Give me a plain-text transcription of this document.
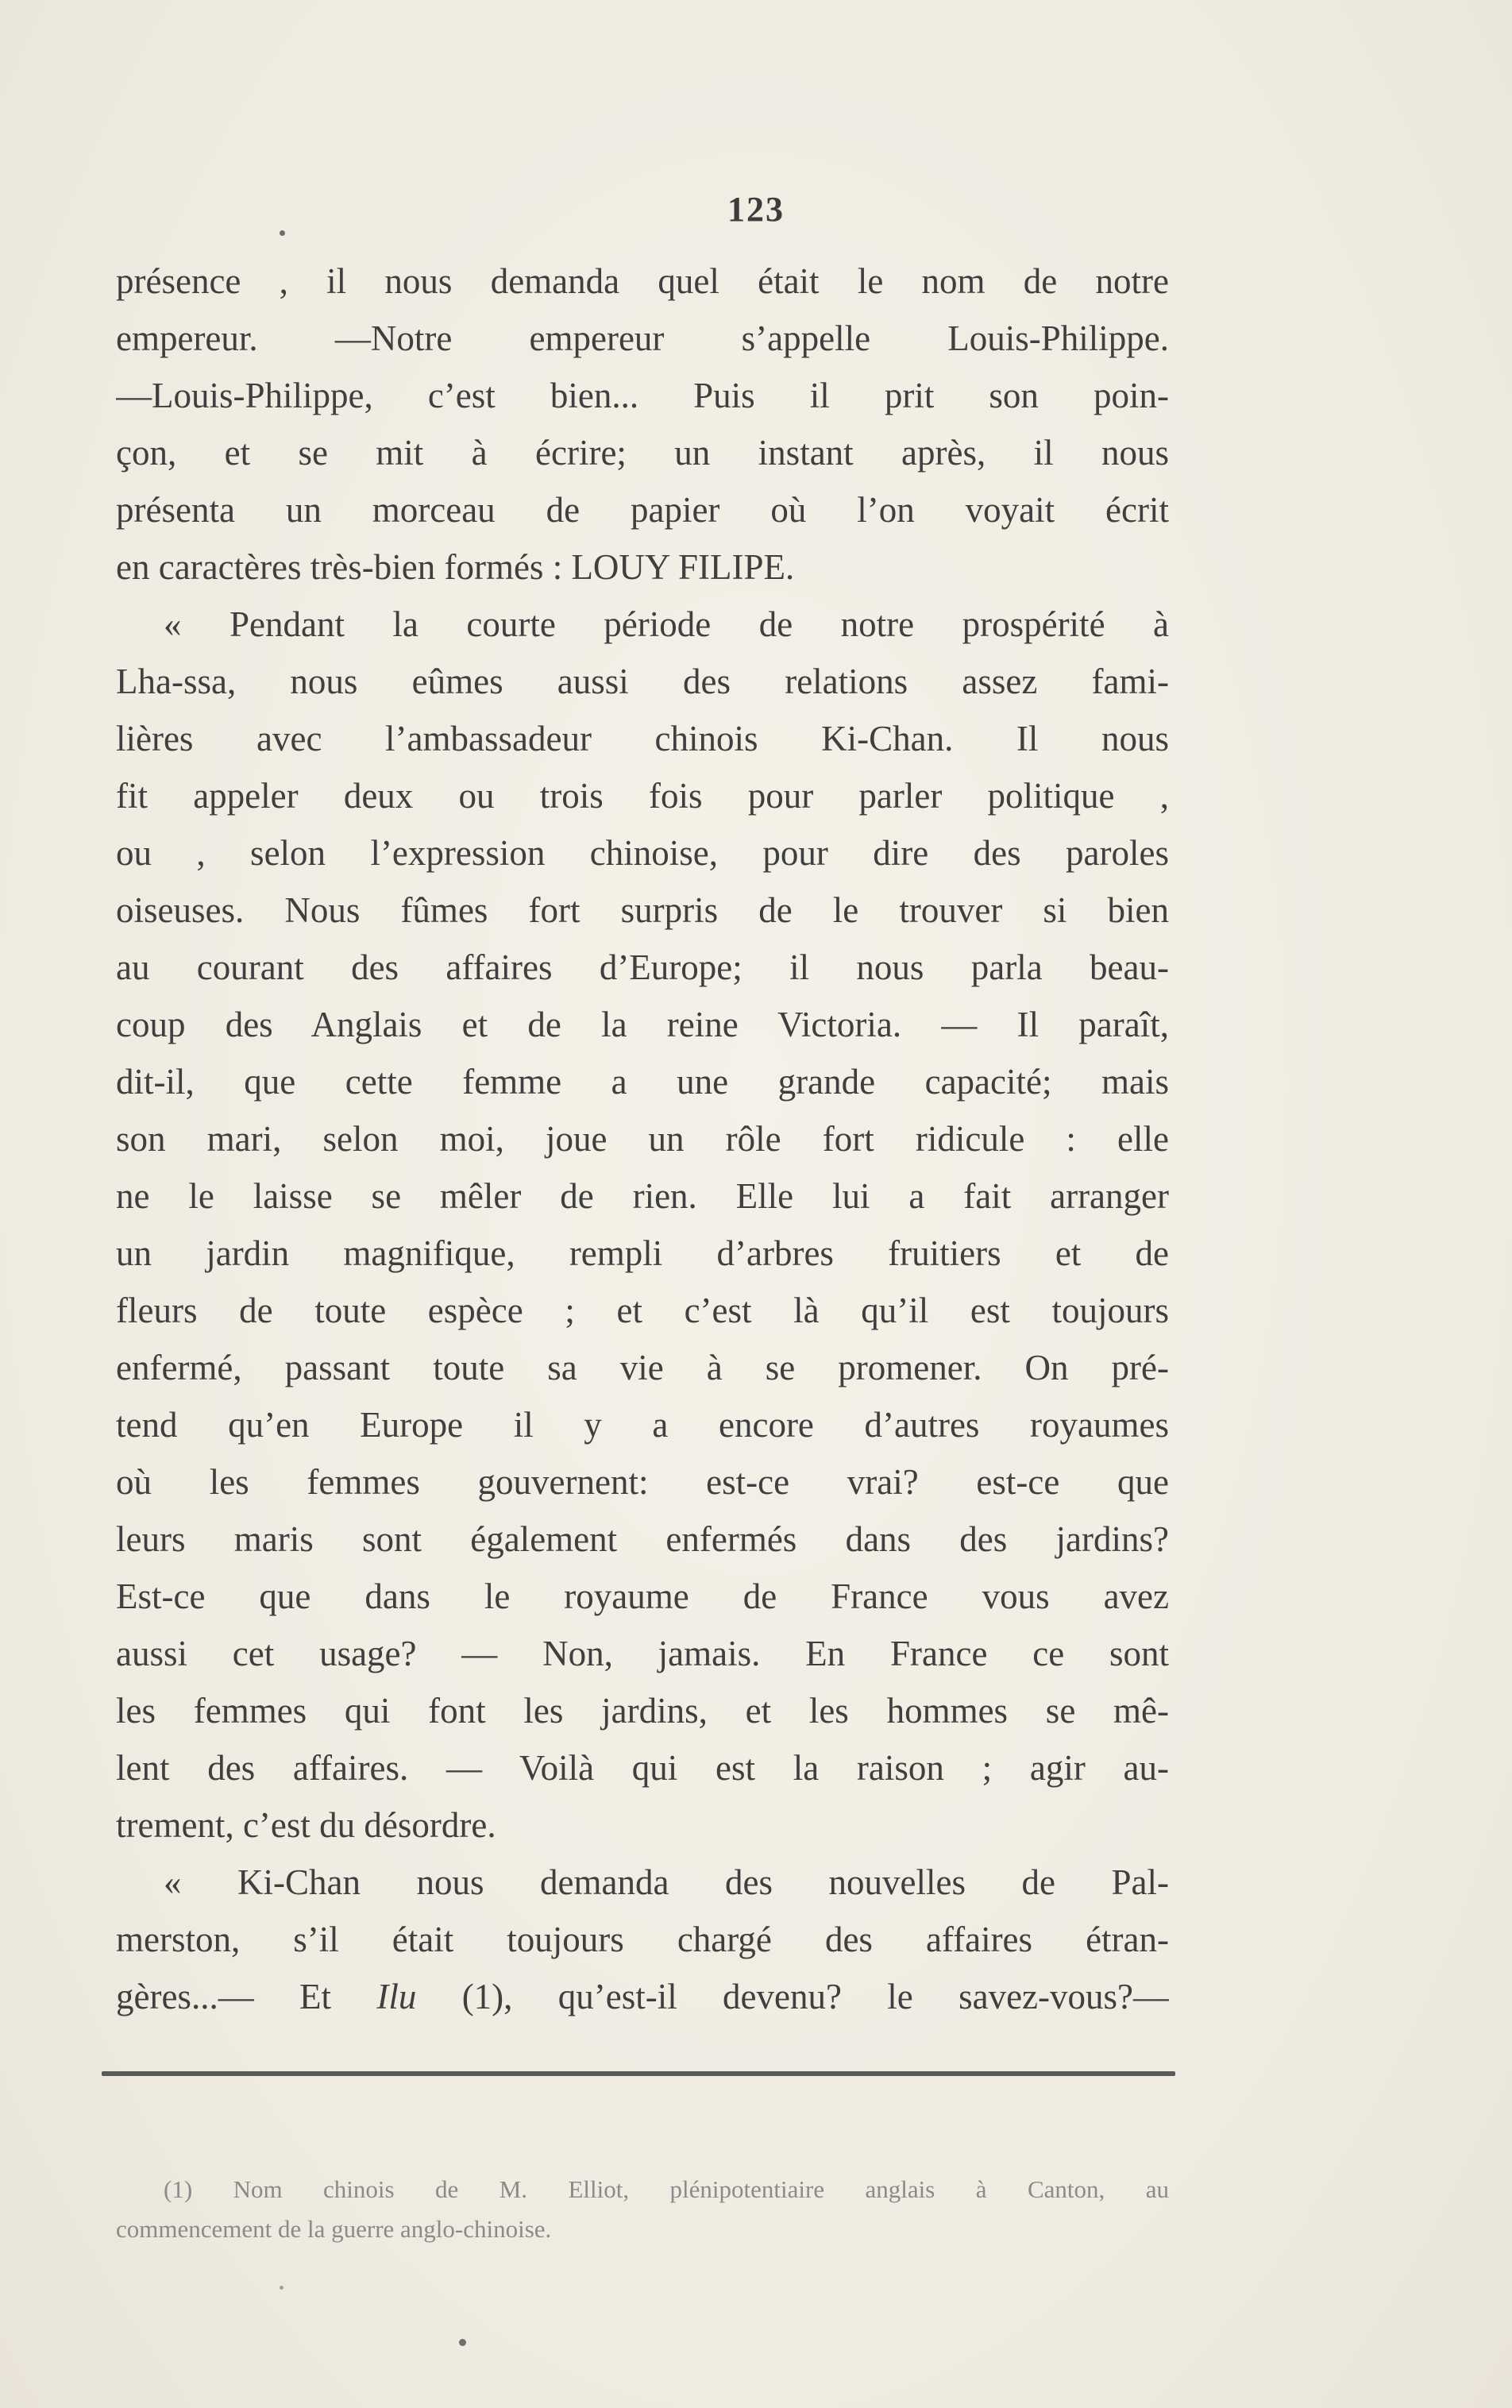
123
présence , il nous demanda quel était le nom de notre
empereur. —Notre empereur s’appelle Louis-Philippe.
—Louis-Philippe, c’est bien... Puis il prit son poin-
çon, et se mit à écrire; un instant après, il nous
présenta un morceau de papier où l’on voyait écrit
en caractères très-bien formés : LOUY FILIPE.
« Pendant la courte période de notre prospérité à
Lha-ssa, nous eûmes aussi des relations assez fami-
lières avec l’ambassadeur chinois Ki-Chan. Il nous
fit appeler deux ou trois fois pour parler politique ,
ou , selon l’expression chinoise, pour dire des paroles
oiseuses. Nous fûmes fort surpris de le trouver si bien
au courant des affaires d’Europe; il nous parla beau-
coup des Anglais et de la reine Victoria. — Il paraît,
dit-il, que cette femme a une grande capacité; mais
son mari, selon moi, joue un rôle fort ridicule : elle
ne le laisse se mêler de rien. Elle lui a fait arranger
un jardin magnifique, rempli d’arbres fruitiers et de
fleurs de toute espèce ; et c’est là qu’il est toujours
enfermé, passant toute sa vie à se promener. On pré-
tend qu’en Europe il y a encore d’autres royaumes
où les femmes gouvernent: est-ce vrai? est-ce que
leurs maris sont également enfermés dans des jardins?
Est-ce que dans le royaume de France vous avez
aussi cet usage? — Non, jamais. En France ce sont
les femmes qui font les jardins, et les hommes se mê-
lent des affaires. — Voilà qui est la raison ; agir au-
trement, c’est du désordre.
« Ki-Chan nous demanda des nouvelles de Pal-
merston, s’il était toujours chargé des affaires étran-
gères...— Et Ilu (1), qu’est-il devenu? le savez-vous?—
(1) Nom chinois de M. Elliot, plénipotentiaire anglais à Canton, au
commencement de la guerre anglo-chinoise.
